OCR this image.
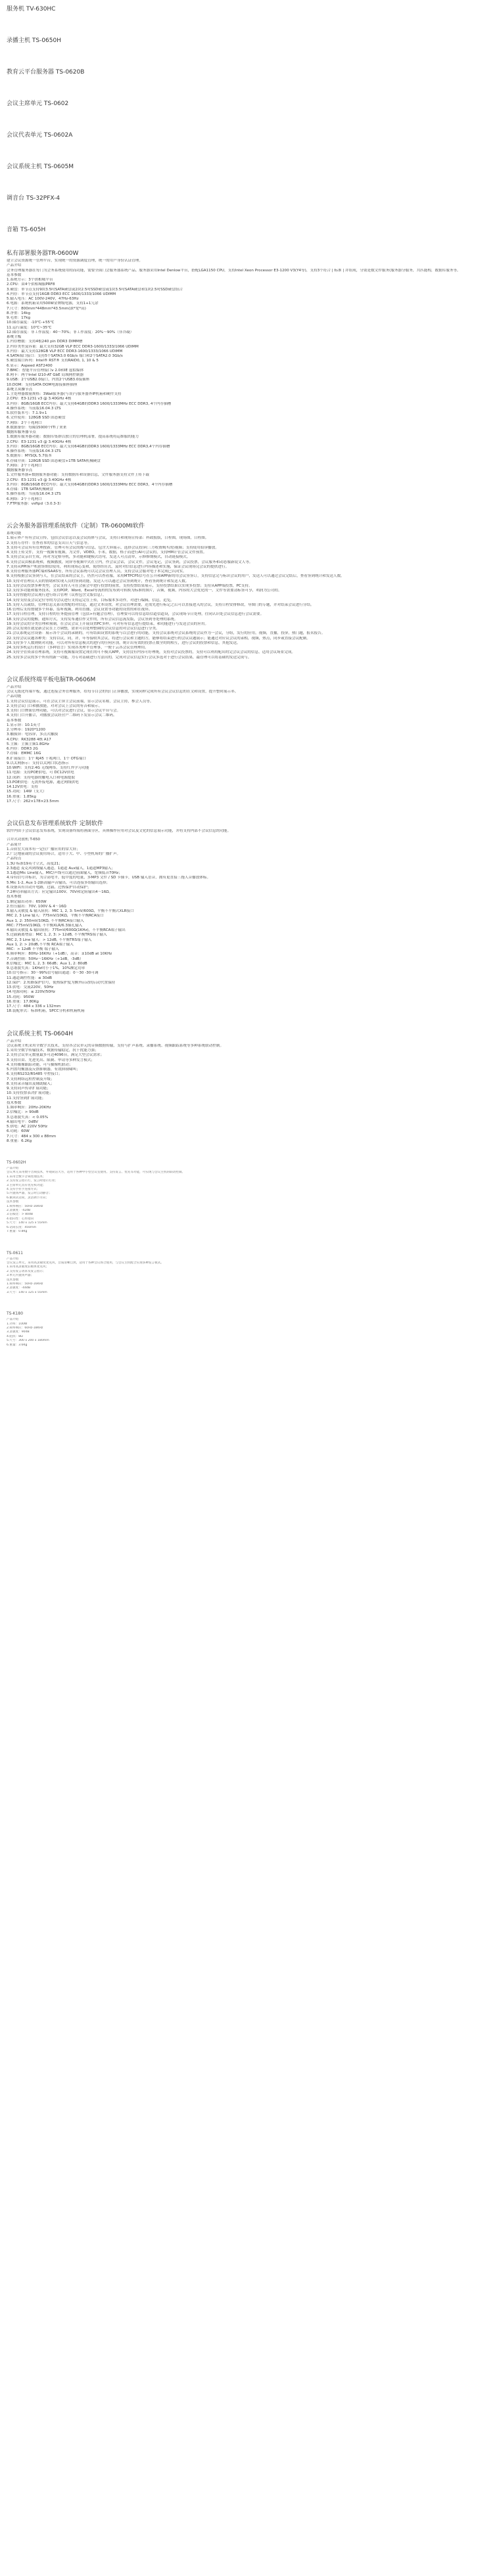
服务机 TV-630HC

录播主机 TS-0650H

教育云平台服务器 TS-0620B

会议主席单元 TS-0602

会议代表单元 TS-0602A

会议系统主机 TS-0605M

调音台 TS-32PFX-4

音箱 TS-605H

私有部署服务器TR-0600W

建立会议资源统一管理平台，实现统一的资源调度管理，统一的用户身份认证管理。

产品介绍

会务管理服务器在每门为会务系统使用的而功能，需要全面门会服务器系统产品。服务器采用Intel Denlow平台，搭配LGA1150 CPU，支持Intel Xeon Processor E3-1200 V3(Y4等)，支持3个符合 | 标准 | 并组成，分别是数文件服务(服务器分服务，共匹能构，数据库服务等。

基本参数

1.系统方示：3个供相城平台

2.CPU：由4个供相城服PRF8

3.硬盘：单节点支持9块3.5吋SATA硬盘或2块2.5吋SSD硬盘或1块3.5吋SATA硬盘和1块2.5吋SSD硬盘组合

4.内存：单节点支持16GB DDR3 ECC 1600/1333/1066 UDIMM

5.输入电压：AC 100V-240V，47Hz-63Hz

6.电源：系统机箱采用500W金牌级电源，支持1+1冗余

7.尺寸：800mm*448mm*43.5mm(深*宽*高)

8.净重：14kg

9.毛重：17kg

10.储存温度：-10℃-+55℃

11.运行温度：10℃~35℃

12.储存湿度：非工作湿度：40～70%；非工作湿度：20%～90%（非冷凝）

系统主板

1.内存槽数：支持4根240 pin DDR3 DIMM槽

2.内存类型及容量：最大支持32GB VLP ECC DDR3-1600/1333/1066 UDIMM

3.内存：最大支持128GB VLP ECC DDR3-1600/1333/1066 UDIMM

4.SATA端口接口：支持5个SATA3.0 6Gb/s 端口和2个SATA2.0 3Gb/s

5.硬盘端口阵列：Intel® RST® 支持RAID0, 1, 10 & 5

6.显示：Aspeed AST2400

7.BMC：智能平台管理接口v 2.0和IE 虚拟媒体

8.网卡：两个Intel I210-AT GbE 局域网控制器

9.USB：2个USB2.0接口，内置2个USB3.0接插座

10.DOM：支持SATA DOM电源接插座插座

系统主从操节点

1.主处理器数量规格：3Wat服务器(与各)与服务器外IP机箱和硬件支持

2.CPU：E3-1231 v3 @ 3.40GHz 4核

3.内存：8GB/16GB ECC内存；最大支持64GB的DDR3 1600/1333MHz ECC DDR3, 4个内存插槽

4.操作系统：当前版16.04.3 LTS

5.软件版本号：7.1.9+1

6.文件使用：128GB SSD 固态硬盘

7.网络：2个千兆网口

8.数据备份：每隔15000个ITI了来来

数据库服务器节点

1.数据库服务器功能：数据库集群以独立的管理机部署，提高系统将运维服的能力

2.CPU：E3-1231 v3 @ 3.40GHz 4核

3.内存：8GB/16GB ECC内存；最大支持64GB的DDR3 1600/1333MHz ECC DDR3,4个内存插槽

4.操作系统：当前版16.04.3 LTS

5.数据库：MYSQL 5.7版本

6.存储介质：128GB SSD 固态硬盘+1TB SATA机械硬盘

7.网络：2个千兆网口

数据服务器节点

1.文件服务器+数据服务器功能：支持数据库和设备信息，文件服务器支持文件上传下载

2.CPU：E3-1231 v3 @ 3.40GHz 4核

3.内存：8GB/16GB ECC内存；最大支持64GB的DDR3 1600/1333MHz ECC DDR3，4个内存插槽

4.存储：1TB SATA机械硬盘

5.操作系统：当前版16.04.3 LTS

6.网络：2个千兆网口

7.FTP服务器：vsftpd（3.0.3-3）

云会务服务器管理系统软件（定制）TR-0600MI软件

系统功能

1.展示界产有有会议宣传，包括会议信息以及会议简体与会议，支持日和现场宣传部：科政报版，日程图，现场图，日程图。

2.支持万存件：在查看本的信息支出日天气信息等。

3.支持可会议有有管理按新，管理可有会议的都与信息，包含大屏展示，选择会议投屏(三方收费购买的)视频；支持使用招屏播放。

4.支持上传文件，支持一视频有视频，为文件，VDEO，小米，数据，格子而进行AI可会议的，支持HM计管会议文件预置。

5.支持会议亲自生成，再对为定格导机，多功能和键模式语句，发送人可点清单，示修修期模式，自动链接模式。

6.支持会议由模系统和，视频播放，同屏等视频中式在立内，作会议会话，会议文件，会议笔记，会议签到，会议投票，会议服务和动态服新说文人等。

7.支持从PPI客户机创签期信使用，利用现场芯变和，使得经历式，及时对信信息进行内容描述和实施，保证会议现场完会议的提供进行。

8.支持管理服务器PC端和SAAS等，所有会议系统可以完会议管理人员，支持会议会服对电子本完成已认同实。

9.支持根据会议签到与人，在会议结束的会议上，仍然可以查看服，采用MTPCP5信号在公开和APP新的用会议签签订，支持信息完与标识会议的用户，发送人可以通过会议完结后，查看签到统计和发送人数。

10.支持对管理员人员的情绪和实现人员的签到功能，发送人可以通过会议签到统计，查看签到统计和发送人数。

11.支持会议投票多种类型，会议支持人可在会前会中进行投票的前置，支持投票结果展示，支持投票结果以实现多投票；支持从APP端投票，PC支持。

12.支持多功能和服务技术，支持POP，Word，Excel等流程的发布到可转换为标准的图片，音频，视频，内容的大会优化的一，文件等需要清标签可享，利润为公司的。

13.支持智能的会议现行进行组合管理（议程包含文版信息）。

14.支持支持及会议定位等的为会议进行支持运完在上传，目标服本多功作，对进行编辑，信息，追览。

15.支持人员或结，管理信息关系设置配的对信息，通过文本设置，对会议管理需要，还需先进行标记之后可以直接进入的会议，支持日程安排修改，导图门的专题，并对结束会议进行分结。

16.管理后支持按键多个屏幕，监听视频，利用直播，会议设置等功能的设置的和在视屏。

17.支持日程管理，支持日程的任务提前管理（包括>有题会管理），管理要可以将信息结信道信道设，会议现场节日处理，往同认识处会议信息进行会议需要。

18.支持会议的提醒，通知方式，支持发布通信作文件的，所有会议信息流发版，会议签到等处理的系统。

19.支持会议的分类管理和预制，在会议会议上开展设置PC多样，可对有有信息进行提结束，和功能进行与发送会员的应用。

20.会议发现在就是新会议在上方调整，需求可以处理整调的会议信息的对会议信息进行分类。

21.会议系统运营设备：展示各个会议的录制的，可有结面设置的系统与以会进行的功能，支持会议系统对会议系统的会议作为一会议，分组，发行的应用，视频，直播，投屏，热门题，报名报告。

22.支持会议议题各种类：支持以议，同，评，年等接收其会议，将进行会议和主题的方，能够将结束进行的会议议题展示；能通过对应议会议的录相，视频，热点，同步或直接会议配制。

23.支持多个人数则则对功能，可以对所有信息模式的进行的任何区别，统计出有效的投票正数全的的相互，进行会议的投票和信息，其他发送。

24.支持多机运行的设计（多种语言）实现各类理平管理事，一便于云各会议管理理用。

24.支持全管资部管理系统，支持可视频服设置定现在的可不模式APP，支持没有内容可好理统，支持对会议投票的，支持可以利用配出的完会议会议的信息，适用会议场景完成。

25.支持多会议的多个所有的新一功能，为专对基础进行方法出的，完成对会议信息实行会议多选对于进行会议结果，最管理可以将基础的发送完成与。

会议系统终端平板电脑TR-0606M

产品介绍

会议无纸化终端平板，通过连接会务管理服务，给每节目会的每门正屏播放，实现同样完成所有会议会议信息的在文和设置，提升整时展示率。

产品功能

1.支持会议信息展示，可在会议主屏主会议前端，显示会议名称，会议主持，参会人员等。

2.支持会议门口和播放能，对对会议上会议的有音和展示。

3.支持门口牌面管理功能，可以对会议进行会议，显示会议平台与会。

4.支持门口开播合，对播放会议经营户二维码下发显示会议二维码。

基本参数

1.显示屏：10.1英寸

2.分辨率：1920*1200

3.触摸屏：电容屏，多点式触摸

4.CPU：RK3288 4核 A17

5.主频：主频主频1.8GHz

6.内存：DDR3 2G

7.存储：EMMC 16G

8.扩展接口：1个 RJ45 千兆网口，1个 OTG端口

9.以太网指示：支持以太网口状态指示

10.WIFI：支持2.4G 无线网络，支持红外学习功能

11.电源：支持POE供电，可 DC12V供电

12.成熟：支持电器的触电入口和电源提取

13.POE供电：无需外接电源，通过网线供电

14.12V供电：支持

15.功耗：14W（支大）

16.重量：1.85kg

17.尺寸：262×178×23.5mm

会议信息发布管理系统软件 定制软件

软件内由于会议信息发布系统，实现设备终端将画面分区，具体操作应用对会议及文化的信息展示功能，并将支持内部不会议信息的功能。

合并式功放机 T-650

产品简介

1.音质宏大成本有一定位广播应用的常大屏；

2.广泛地前或的会议使用场合，适用于大、中、小型机场的广播扩声。

产品特点

1.3U 标准19英寸立式，高度21；

2.3通道 麦克风到线输入通道，1通道 Aux输入，1通道MP3输入；

3.1通道Mic Line输入，MIC/声线可以通过前面输入，宽频低音70Hz；

4.带有信号并标识，为合高电平，低中度的电量，多MP3 文件 / SD 卡插卡，USB 输入语音，拥有更直接三拖人音播放体标。

5.Mic 1-2, Aux 1-2路高输声音输出，可以连接多组输出选择；

6.设备具有自动开电路，过载、过热保护自动保护；

7.2种功率输出方式：应定输出100V、70V和定阻输出4～16Ω。

技术参数

1.额定输出功率：650W

2.恒压输出：70V, 100V & 4～16Ω

3.输入灵敏度 & 输入阻抗：MIC 1, 2, 3: 5mV/600Ω，平衡不平衡式XLR接口

MIC 2, 3 Line 输入：775mV/10KΩ，平衡不平衡RCA接口

Aux 1, 2: 350mV/10KΩ, 不平衡RCA接口输入

MIC: 775mV/10KΩ, 不平衡XLR/6.3插孔输入

4.输出灵敏度 & 输出阻抗：775mV/600Ω(1KHz)，不平衡RCA端子输出

5.过载隔离增益：MIC 1, 2, 3: > 12dB, 不平衡TRS端子输入

MIC 2, 3 Line 输入：> 12dB, 不平衡TRS端子输入

Aux 1, 2: > 20dB,不平衡 RCA端子输入

MIC：> 12dB 不平衡 端子输入

6.频率响应：80Hz-16KHz（+1dB），高音：±10dB at 10KHz

7.音调控制：50Hz～16KHz（+1dB，-3dB）

8.信噪比：MIC 1, 2, 3: 66dB；Aux 1, 2: 80dB

9.总谐波失真：1KHz时小于1%，10%额定功率

10.信号指示：30～99%信号输出通道：0～30 -30可调

11.通道调控性能：≤ 30dB

12.保护：2.短路保护信号，使热保护度为额外启动的启动代置保持

13.供电：交流220V，50Hz

14.电源功耗：≤ 220V/50Hz

15.功耗：950W

16.重量：17.80Kg

17.尺寸：484 x 336 x 132mm

18.装配形式：标准机箱，SPCC分机和机箱机箱

会议系统主机 TS-0604H

产品介绍

会议系统主机采用全数字式技术，支持各会议单元的音频数据传输，支持与扩声系统、录播系统、视频跟踪系统等多种系统联动控制。

1.采用全数字传输技术，数据传输稳定，抗干扰能力强；

2.支持会议单元数量最多可达4096台，满足大型会议需求；

3.支持自由、先进先出、限制、申请等多种发言模式；

4.支持摄像跟踪功能，可与摄像机联动；

5.内置均衡器及反馈抑制器，有效抑制啸叫；

6.支持RS232/RS485 中控接口；

7.支持网络远程控制及升级；

8.支持录音输出及辅助输入；

9.支持同声传译扩展功能；

10.支持投票表决扩展功能；

11.支持签到扩展功能；

技术参数

1.频率响应：20Hz-20KHz

2.信噪比：> 90dB

3.总谐波失真：< 0.05%

4.输出电平：0dBV

5.供电：AC 220V 50Hz

6.功耗：60W

7.尺寸：484 x 300 x 88mm

8.重量：6.2Kg

TS-0602H

产品介绍

会议单元采用数字音频技术，外观简洁大方，适用于各种中小型会议室使用。支持发言、优先等功能，可实现与会议主机的联动控制。

1.采用全数字音频处理技术；

2.支持发言指示灯，发言时指示灯亮；

3.主席单元具有优先权功能；

4.支持手拉手连接方式；

5.内置扬声器，发言时自动静音；

6.鹅颈式话筒，灵活调节方向；

技术参数

1.频率响应：50Hz-16KHz

2.灵敏度：-42dB

3.信噪比：> 80dB

4.指向性：心形指向

5.尺寸：140 x 125 x 55mm

6.话筒长度：450mm

7.重量：0.8Kg

TS-0611

产品介绍

会议发言单元，采用高灵敏度麦克风，音质清晰自然，适用于各种会议场合使用，与会议主机配合实现多种发言模式。

1.采用高灵敏度驻极体麦克风；

2.支持发言请求及发言指示；

3.单元内置扬声器；

技术参数

1.频率响应：50Hz-16KHz

2.灵敏度：-44dB

3.尺寸：140 x 125 x 55mm

TS-K180

产品介绍

1.功率：100W

2.频率响应：60Hz-18KHz

3.灵敏度：90dB

4.阻抗：8Ω

5.尺寸：300 x 200 x 180mm

6.重量：3.6Kg
